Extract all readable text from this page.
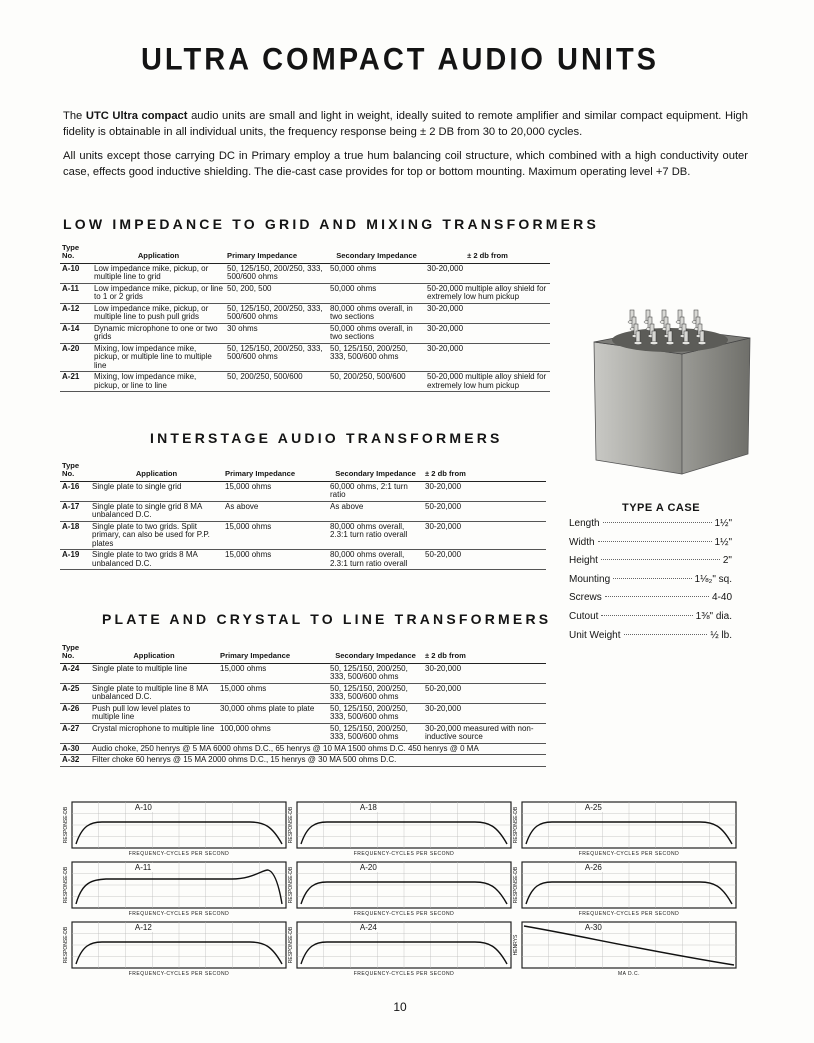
ULTRA COMPACT AUDIO UNITS
The UTC Ultra compact audio units are small and light in weight, ideally suited to remote amplifier and similar compact equipment. High fidelity is obtainable in all individual units, the frequency response being ± 2 DB from 30 to 20,000 cycles.
All units except those carrying DC in Primary employ a true hum balancing coil structure, which combined with a high conductivity outer case, effects good inductive shielding. The die-cast case provides for top or bottom mounting. Maximum operating level +7 DB.
LOW IMPEDANCE TO GRID AND MIXING TRANSFORMERS
Type No.	Application	Primary Impedance	Secondary Impedance	± 2 db from
A-10	Low impedance mike, pickup, or multiple line to grid	50, 125/150, 200/250, 333, 500/600 ohms	50,000 ohms	30-20,000
A-11	Low impedance mike, pickup, or line to 1 or 2 grids	50, 200, 500	50,000 ohms	50-20,000 multiple alloy shield for extremely low hum pickup
A-12	Low impedance mike, pickup, or multiple line to push pull grids	50, 125/150, 200/250, 333, 500/600 ohms	80,000 ohms overall, in two sections	30-20,000
A-14	Dynamic microphone to one or two grids	30 ohms	50,000 ohms overall, in two sections	30-20,000
A-20	Mixing, low impedance mike, pickup, or multiple line to multiple line	50, 125/150, 200/250, 333, 500/600 ohms	50, 125/150, 200/250, 333, 500/600 ohms	30-20,000
A-21	Mixing, low impedance mike, pickup, or line to line	50, 200/250, 500/600	50, 200/250, 500/600	50-20,000 multiple alloy shield for extremely low hum pickup
INTERSTAGE AUDIO TRANSFORMERS
Type No.	Application	Primary Impedance	Secondary Impedance	± 2 db from
A-16	Single plate to single grid	15,000 ohms	60,000 ohms, 2:1 turn ratio	30-20,000
A-17	Single plate to single grid 8 MA unbalanced D.C.	As above	As above	50-20,000
A-18	Single plate to two grids. Split primary, can also be used for P.P. plates	15,000 ohms	80,000 ohms overall, 2.3:1 turn ratio overall	30-20,000
A-19	Single plate to two grids 8 MA unbalanced D.C.	15,000 ohms	80,000 ohms overall, 2.3:1 turn ratio overall	50-20,000
PLATE AND CRYSTAL TO LINE TRANSFORMERS
Type No.	Application	Primary Impedance	Secondary Impedance	± 2 db from
A-24	Single plate to multiple line	15,000 ohms	50, 125/150, 200/250, 333, 500/600 ohms	30-20,000
A-25	Single plate to multiple line 8 MA unbalanced D.C.	15,000 ohms	50, 125/150, 200/250, 333, 500/600 ohms	50-20,000
A-26	Push pull low level plates to multiple line	30,000 ohms plate to plate	50, 125/150, 200/250, 333, 500/600 ohms	30-20,000
A-27	Crystal microphone to multiple line	100,000 ohms	50, 125/150, 200/250, 333, 500/600 ohms	30-20,000 measured with non-inductive source
A-30	Audio choke, 250 henrys @ 5 MA 6000 ohms D.C., 65 henrys @ 10 MA 1500 ohms D.C. 450 henrys @ 0 MA			
A-32	Filter choke 60 henrys @ 15 MA 2000 ohms D.C., 15 henrys @ 30 MA 500 ohms D.C.			
TYPE A CASE
Length	1½"
Width	1½"
Height	2"
Mounting	1⅛₂" sq.
Screws	4-40
Cutout	1⅜" dia.
Unit Weight	½ lb.
A-10
FREQUENCY-CYCLES PER SECOND
RESPONSE-DB	A-18
FREQUENCY-CYCLES PER SECOND
RESPONSE-DB	A-25
FREQUENCY-CYCLES PER SECOND
RESPONSE-DB
A-11
FREQUENCY-CYCLES PER SECOND
RESPONSE-DB	A-20
FREQUENCY-CYCLES PER SECOND
RESPONSE-DB	A-26
FREQUENCY-CYCLES PER SECOND
RESPONSE-DB
A-12
FREQUENCY-CYCLES PER SECOND
RESPONSE-DB	A-24
FREQUENCY-CYCLES PER SECOND
RESPONSE-DB	A-30
MA D.C.
HENRYS
10
